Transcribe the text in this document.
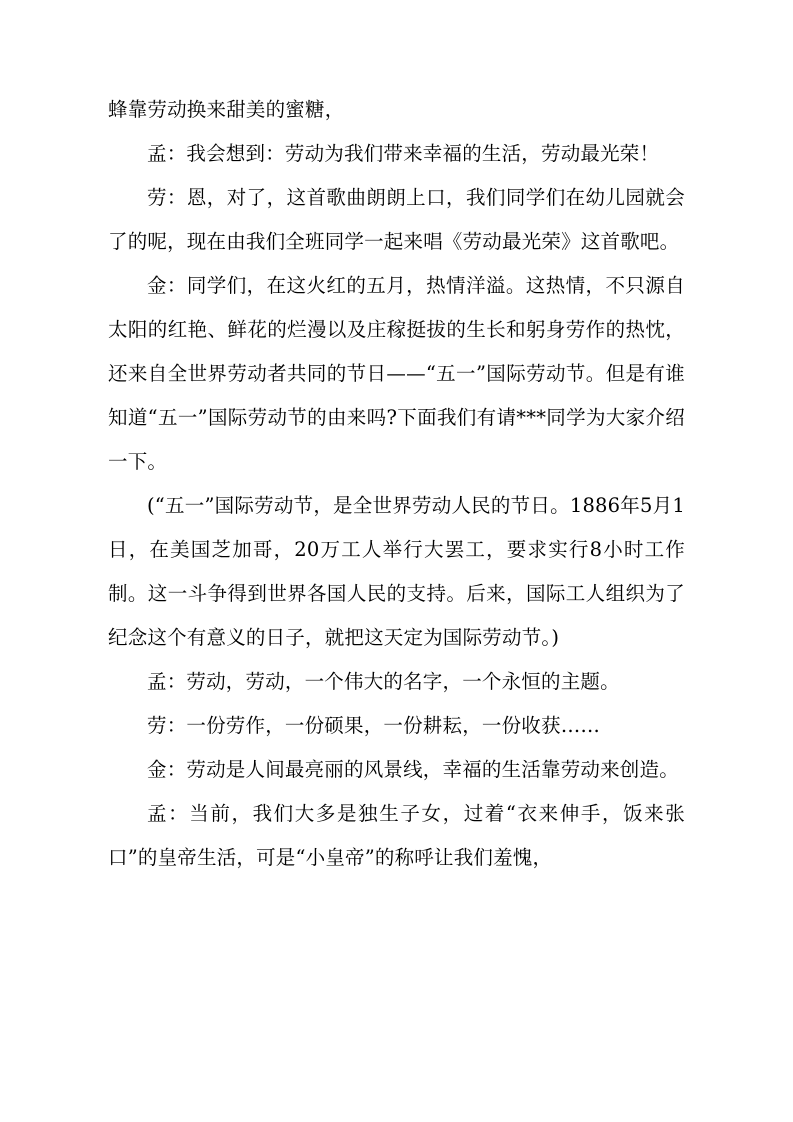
蜂靠劳动换来甜美的蜜糖，

孟：我会想到：劳动为我们带来幸福的生活，劳动最光荣！

劳：恩，对了，这首歌曲朗朗上口，我们同学们在幼儿园就会了的呢，现在由我们全班同学一起来唱《劳动最光荣》这首歌吧。

金：同学们，在这火红的五月，热情洋溢。这热情，不只源自太阳的红艳、鲜花的烂漫以及庄稼挺拔的生长和躬身劳作的热忱，还来自全世界劳动者共同的节日——“五一”国际劳动节。但是有谁知道“五一”国际劳动节的由来吗?下面我们有请***同学为大家介绍一下。

(“五一”国际劳动节，是全世界劳动人民的节日。1886年5月1日，在美国芝加哥，20万工人举行大罢工，要求实行8小时工作制。这一斗争得到世界各国人民的支持。后来，国际工人组织为了纪念这个有意义的日子，就把这天定为国际劳动节。)

孟：劳动，劳动，一个伟大的名字，一个永恒的主题。

劳：一份劳作，一份硕果，一份耕耘，一份收获……

金：劳动是人间最亮丽的风景线，幸福的生活靠劳动来创造。

孟：当前，我们大多是独生子女，过着“衣来伸手，饭来张口”的皇帝生活，可是“小皇帝”的称呼让我们羞愧，
